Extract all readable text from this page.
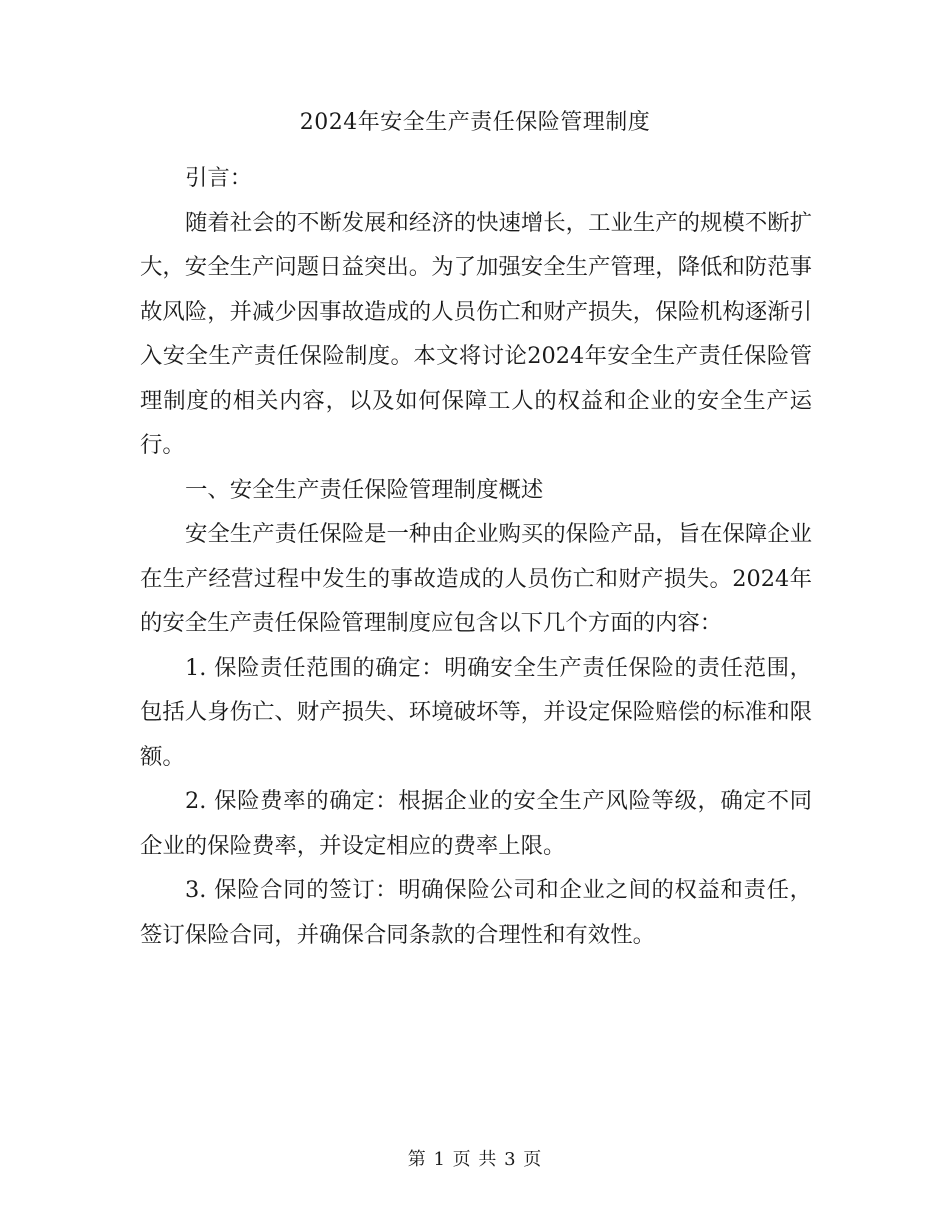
2024年安全生产责任保险管理制度

引言：

随着社会的不断发展和经济的快速增长，工业生产的规模不断扩大，安全生产问题日益突出。为了加强安全生产管理，降低和防范事故风险，并减少因事故造成的人员伤亡和财产损失，保险机构逐渐引入安全生产责任保险制度。本文将讨论2024年安全生产责任保险管理制度的相关内容，以及如何保障工人的权益和企业的安全生产运行。

一、安全生产责任保险管理制度概述

安全生产责任保险是一种由企业购买的保险产品，旨在保障企业在生产经营过程中发生的事故造成的人员伤亡和财产损失。2024年的安全生产责任保险管理制度应包含以下几个方面的内容：

1. 保险责任范围的确定：明确安全生产责任保险的责任范围，包括人身伤亡、财产损失、环境破坏等，并设定保险赔偿的标准和限额。

2. 保险费率的确定：根据企业的安全生产风险等级，确定不同企业的保险费率，并设定相应的费率上限。

3. 保险合同的签订：明确保险公司和企业之间的权益和责任，签订保险合同，并确保合同条款的合理性和有效性。

第 1 页 共 3 页
